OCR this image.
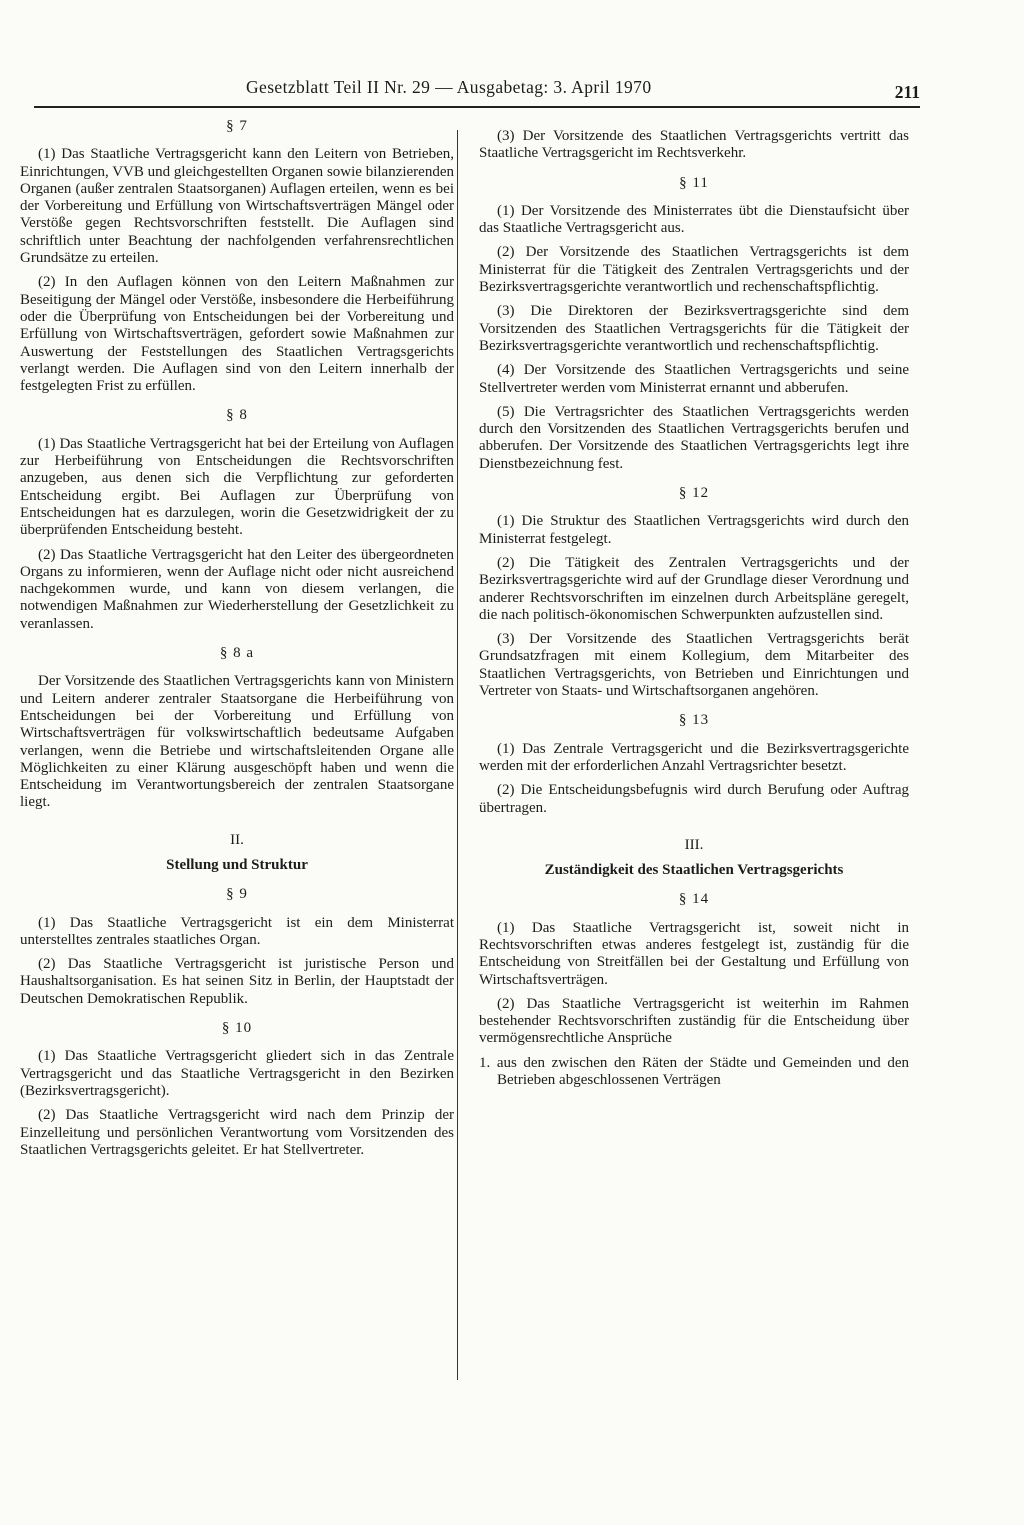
Gesetzblatt Teil II Nr. 29 — Ausgabetag: 3. April 1970	211
§ 7

(1) Das Staatliche Vertragsgericht kann den Leitern von Betrieben, Einrichtungen, VVB und gleichgestellten Organen sowie bilanzierenden Organen (außer zentralen Staatsorganen) Auflagen erteilen, wenn es bei der Vorbereitung und Erfüllung von Wirtschaftsverträgen Mängel oder Verstöße gegen Rechtsvorschriften feststellt. Die Auflagen sind schriftlich unter Beachtung der nachfolgenden verfahrensrechtlichen Grundsätze zu erteilen.

(2) In den Auflagen können von den Leitern Maßnahmen zur Beseitigung der Mängel oder Verstöße, insbesondere die Herbeiführung oder die Überprüfung von Entscheidungen bei der Vorbereitung und Erfüllung von Wirtschaftsverträgen, gefordert sowie Maßnahmen zur Auswertung der Feststellungen des Staatlichen Vertragsgerichts verlangt werden. Die Auflagen sind von den Leitern innerhalb der festgelegten Frist zu erfüllen.

§ 8

(1) Das Staatliche Vertragsgericht hat bei der Erteilung von Auflagen zur Herbeiführung von Entscheidungen die Rechtsvorschriften anzugeben, aus denen sich die Verpflichtung zur geforderten Entscheidung ergibt. Bei Auflagen zur Überprüfung von Entscheidungen hat es darzulegen, worin die Gesetzwidrigkeit der zu überprüfenden Entscheidung besteht.

(2) Das Staatliche Vertragsgericht hat den Leiter des übergeordneten Organs zu informieren, wenn der Auflage nicht oder nicht ausreichend nachgekommen wurde, und kann von diesem verlangen, die notwendigen Maßnahmen zur Wiederherstellung der Gesetzlichkeit zu veranlassen.

§ 8 a

Der Vorsitzende des Staatlichen Vertragsgerichts kann von Ministern und Leitern anderer zentraler Staatsorgane die Herbeiführung von Entscheidungen bei der Vorbereitung und Erfüllung von Wirtschaftsverträgen für volkswirtschaftlich bedeutsame Aufgaben verlangen, wenn die Betriebe und wirtschaftsleitenden Organe alle Möglichkeiten zu einer Klärung ausgeschöpft haben und wenn die Entscheidung im Verantwortungsbereich der zentralen Staatsorgane liegt.

II.
Stellung und Struktur
§ 9

(1) Das Staatliche Vertragsgericht ist ein dem Ministerrat unterstelltes zentrales staatliches Organ.

(2) Das Staatliche Vertragsgericht ist juristische Person und Haushaltsorganisation. Es hat seinen Sitz in Berlin, der Hauptstadt der Deutschen Demokratischen Republik.

§ 10

(1) Das Staatliche Vertragsgericht gliedert sich in das Zentrale Vertragsgericht und das Staatliche Vertragsgericht in den Bezirken (Bezirksvertragsgericht).

(2) Das Staatliche Vertragsgericht wird nach dem Prinzip der Einzelleitung und persönlichen Verantwortung vom Vorsitzenden des Staatlichen Vertragsgerichts geleitet. Er hat Stellvertreter.

(3) Der Vorsitzende des Staatlichen Vertragsgerichts vertritt das Staatliche Vertragsgericht im Rechtsverkehr.

§ 11

(1) Der Vorsitzende des Ministerrates übt die Dienstaufsicht über das Staatliche Vertragsgericht aus.

(2) Der Vorsitzende des Staatlichen Vertragsgerichts ist dem Ministerrat für die Tätigkeit des Zentralen Vertragsgerichts und der Bezirksvertragsgerichte verantwortlich und rechenschaftspflichtig.

(3) Die Direktoren der Bezirksvertragsgerichte sind dem Vorsitzenden des Staatlichen Vertragsgerichts für die Tätigkeit der Bezirksvertragsgerichte verantwortlich und rechenschaftspflichtig.

(4) Der Vorsitzende des Staatlichen Vertragsgerichts und seine Stellvertreter werden vom Ministerrat ernannt und abberufen.

(5) Die Vertragsrichter des Staatlichen Vertragsgerichts werden durch den Vorsitzenden des Staatlichen Vertragsgerichts berufen und abberufen. Der Vorsitzende des Staatlichen Vertragsgerichts legt ihre Dienstbezeichnung fest.

§ 12

(1) Die Struktur des Staatlichen Vertragsgerichts wird durch den Ministerrat festgelegt.

(2) Die Tätigkeit des Zentralen Vertragsgerichts und der Bezirksvertragsgerichte wird auf der Grundlage dieser Verordnung und anderer Rechtsvorschriften im einzelnen durch Arbeitspläne geregelt, die nach politisch-ökonomischen Schwerpunkten aufzustellen sind.

(3) Der Vorsitzende des Staatlichen Vertragsgerichts berät Grundsatzfragen mit einem Kollegium, dem Mitarbeiter des Staatlichen Vertragsgerichts, von Betrieben und Einrichtungen und Vertreter von Staats- und Wirtschaftsorganen angehören.

§ 13

(1) Das Zentrale Vertragsgericht und die Bezirksvertragsgerichte werden mit der erforderlichen Anzahl Vertragsrichter besetzt.

(2) Die Entscheidungsbefugnis wird durch Berufung oder Auftrag übertragen.

III.
Zuständigkeit des Staatlichen Vertragsgerichts
§ 14

(1) Das Staatliche Vertragsgericht ist, soweit nicht in Rechtsvorschriften etwas anderes festgelegt ist, zuständig für die Entscheidung von Streitfällen bei der Gestaltung und Erfüllung von Wirtschaftsverträgen.

(2) Das Staatliche Vertragsgericht ist weiterhin im Rahmen bestehender Rechtsvorschriften zuständig für die Entscheidung über vermögensrechtliche Ansprüche

1. aus den zwischen den Räten der Städte und Gemeinden und den Betrieben abgeschlossenen Verträgen
